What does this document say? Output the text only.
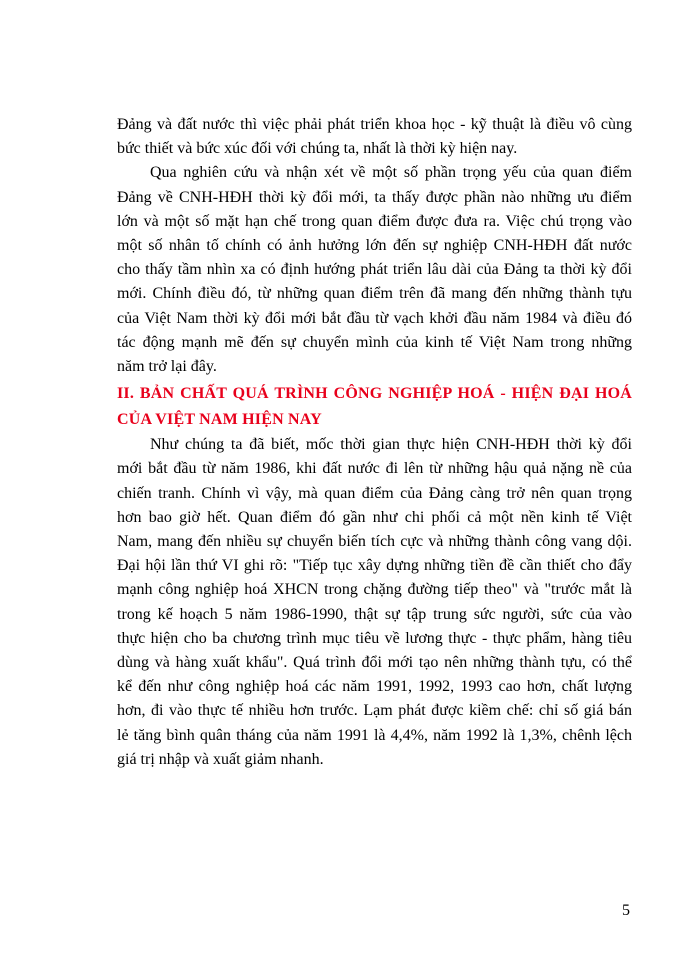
Đảng và đất nước thì việc phải phát triển khoa học - kỹ thuật là điều vô cùng
bức thiết và bức xúc đối với chúng ta, nhất là thời kỳ hiện nay.

Qua nghiên cứu và nhận xét về một số phần trọng yếu của quan điểm
Đảng về CNH-HĐH thời kỳ đổi mới, ta thấy được phần nào những ưu điểm
lớn và một số mặt hạn chế trong quan điểm được đưa ra. Việc chú trọng vào
một số nhân tố chính có ảnh hưởng lớn đến sự nghiệp CNH-HĐH đất nước
cho thấy tầm nhìn xa có định hướng phát triển lâu dài của Đảng ta thời kỳ đổi
mới. Chính điều đó, từ những quan điểm trên đã mang đến những thành tựu
của Việt Nam thời kỳ đổi mới bắt đầu từ vạch khởi đầu năm 1984 và điều đó
tác động mạnh mẽ đến sự chuyển mình của kinh tế Việt Nam trong những
năm trở lại đây.

II. BẢN CHẤT QUÁ TRÌNH CÔNG NGHIỆP HOÁ - HIỆN ĐẠI HOÁ
CỦA VIỆT NAM HIỆN NAY

Như chúng ta đã biết, mốc thời gian thực hiện CNH-HĐH thời kỳ đổi
mới bắt đầu từ năm 1986, khi đất nước đi lên từ những hậu quả nặng nề của
chiến tranh. Chính vì vậy, mà quan điểm của Đảng càng trở nên quan trọng
hơn bao giờ hết. Quan điểm đó gần như chi phối cả một nền kinh tế Việt
Nam, mang đến nhiều sự chuyển biến tích cực và những thành công vang dội.
Đại hội lần thứ VI ghi rõ: "Tiếp tục xây dựng những tiền đề cần thiết cho đẩy
mạnh công nghiệp hoá XHCN trong chặng đường tiếp theo" và "trước mắt là
trong kế hoạch 5 năm 1986-1990, thật sự tập trung sức người, sức của vào
thực hiện cho ba chương trình mục tiêu về lương thực - thực phẩm, hàng tiêu
dùng và hàng xuất khẩu". Quá trình đổi mới tạo nên những thành tựu, có thể
kể đến như công nghiệp hoá các năm 1991, 1992, 1993 cao hơn, chất lượng
hơn, đi vào thực tế nhiều hơn trước. Lạm phát được kiềm chế: chỉ số giá bán
lẻ tăng bình quân tháng của năm 1991 là 4,4%, năm 1992 là 1,3%, chênh lệch
giá trị nhập và xuất giảm nhanh.

5
